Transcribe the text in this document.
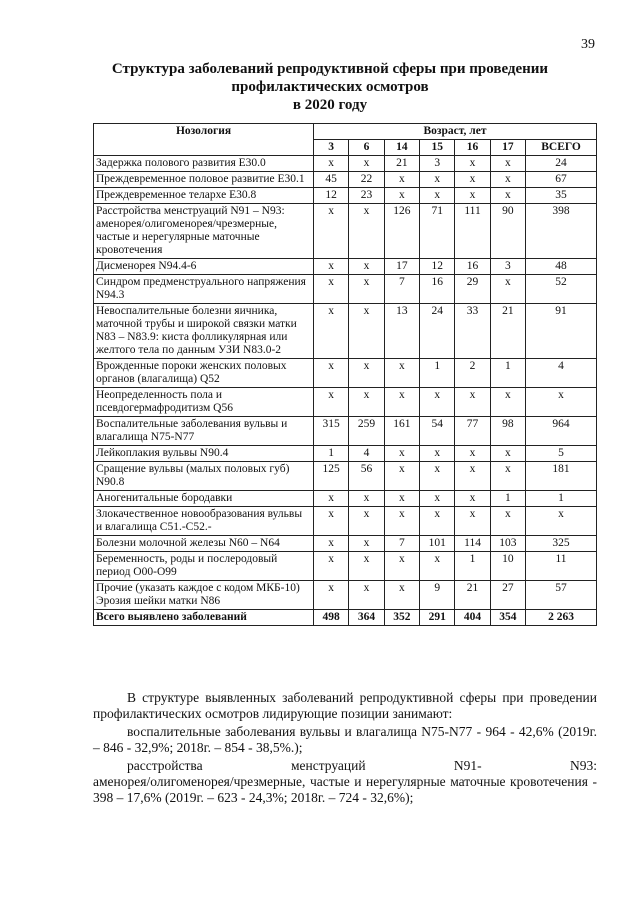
39
Структура заболеваний репродуктивной сферы при проведении
профилактических осмотров
в 2020 году
Нозология	Возраст, лет						
	3	6	14	15	16	17	ВСЕГО
Задержка полового развития E30.0	x	x	21	3	x	x	24
Преждевременное половое развитие E30.1	45	22	x	x	x	x	67
Преждевременное телархе E30.8	12	23	x	x	x	x	35
Расстройства менструаций N91 – N93: аменорея/олигоменорея/чрезмерные, частые и нерегулярные маточные кровотечения	x	x	126	71	111	90	398
Дисменорея N94.4-6	x	x	17	12	16	3	48
Синдром предменструального напряжения N94.3	x	x	7	16	29	x	52
Невоспалительные болезни яичника, маточной трубы и широкой связки матки N83 – N83.9: киста фолликулярная или желтого тела по данным УЗИ N83.0-2	x	x	13	24	33	21	91
Врожденные пороки женских половых органов (влагалища) Q52	x	x	x	1	2	1	4
Неопределенность пола и псевдогермафродитизм Q56	x	x	x	x	x	x	x
Воспалительные заболевания вульвы и влагалища N75-N77	315	259	161	54	77	98	964
Лейкоплакия вульвы N90.4	1	4	x	x	x	x	5
Сращение вульвы (малых половых губ) N90.8	125	56	x	x	x	x	181
Аногенитальные бородавки	x	x	x	x	x	1	1
Злокачественное новообразования вульвы и влагалища C51.-C52.-	x	x	x	x	x	x	x
Болезни молочной железы N60 – N64	x	x	7	101	114	103	325
Беременность, роды и послеродовый период O00-O99	x	x	x	x	1	10	11
Прочие (указать каждое с кодом МКБ-10) Эрозия шейки матки N86	x	x	x	9	21	27	57
Всего выявлено заболеваний	498	364	352	291	404	354	2 263
В структуре выявленных заболеваний репродуктивной сферы при проведении профилактических осмотров лидирующие позиции занимают:
воспалительные заболевания вульвы и влагалища N75-N77 - 964 - 42,6% (2019г. – 846 - 32,9%; 2018г. – 854 - 38,5%.);
расстройства менструаций N91- N93:
аменорея/олигоменорея/чрезмерные, частые и нерегулярные маточные кровотечения - 398 – 17,6% (2019г. – 623 - 24,3%; 2018г. – 724 - 32,6%);
